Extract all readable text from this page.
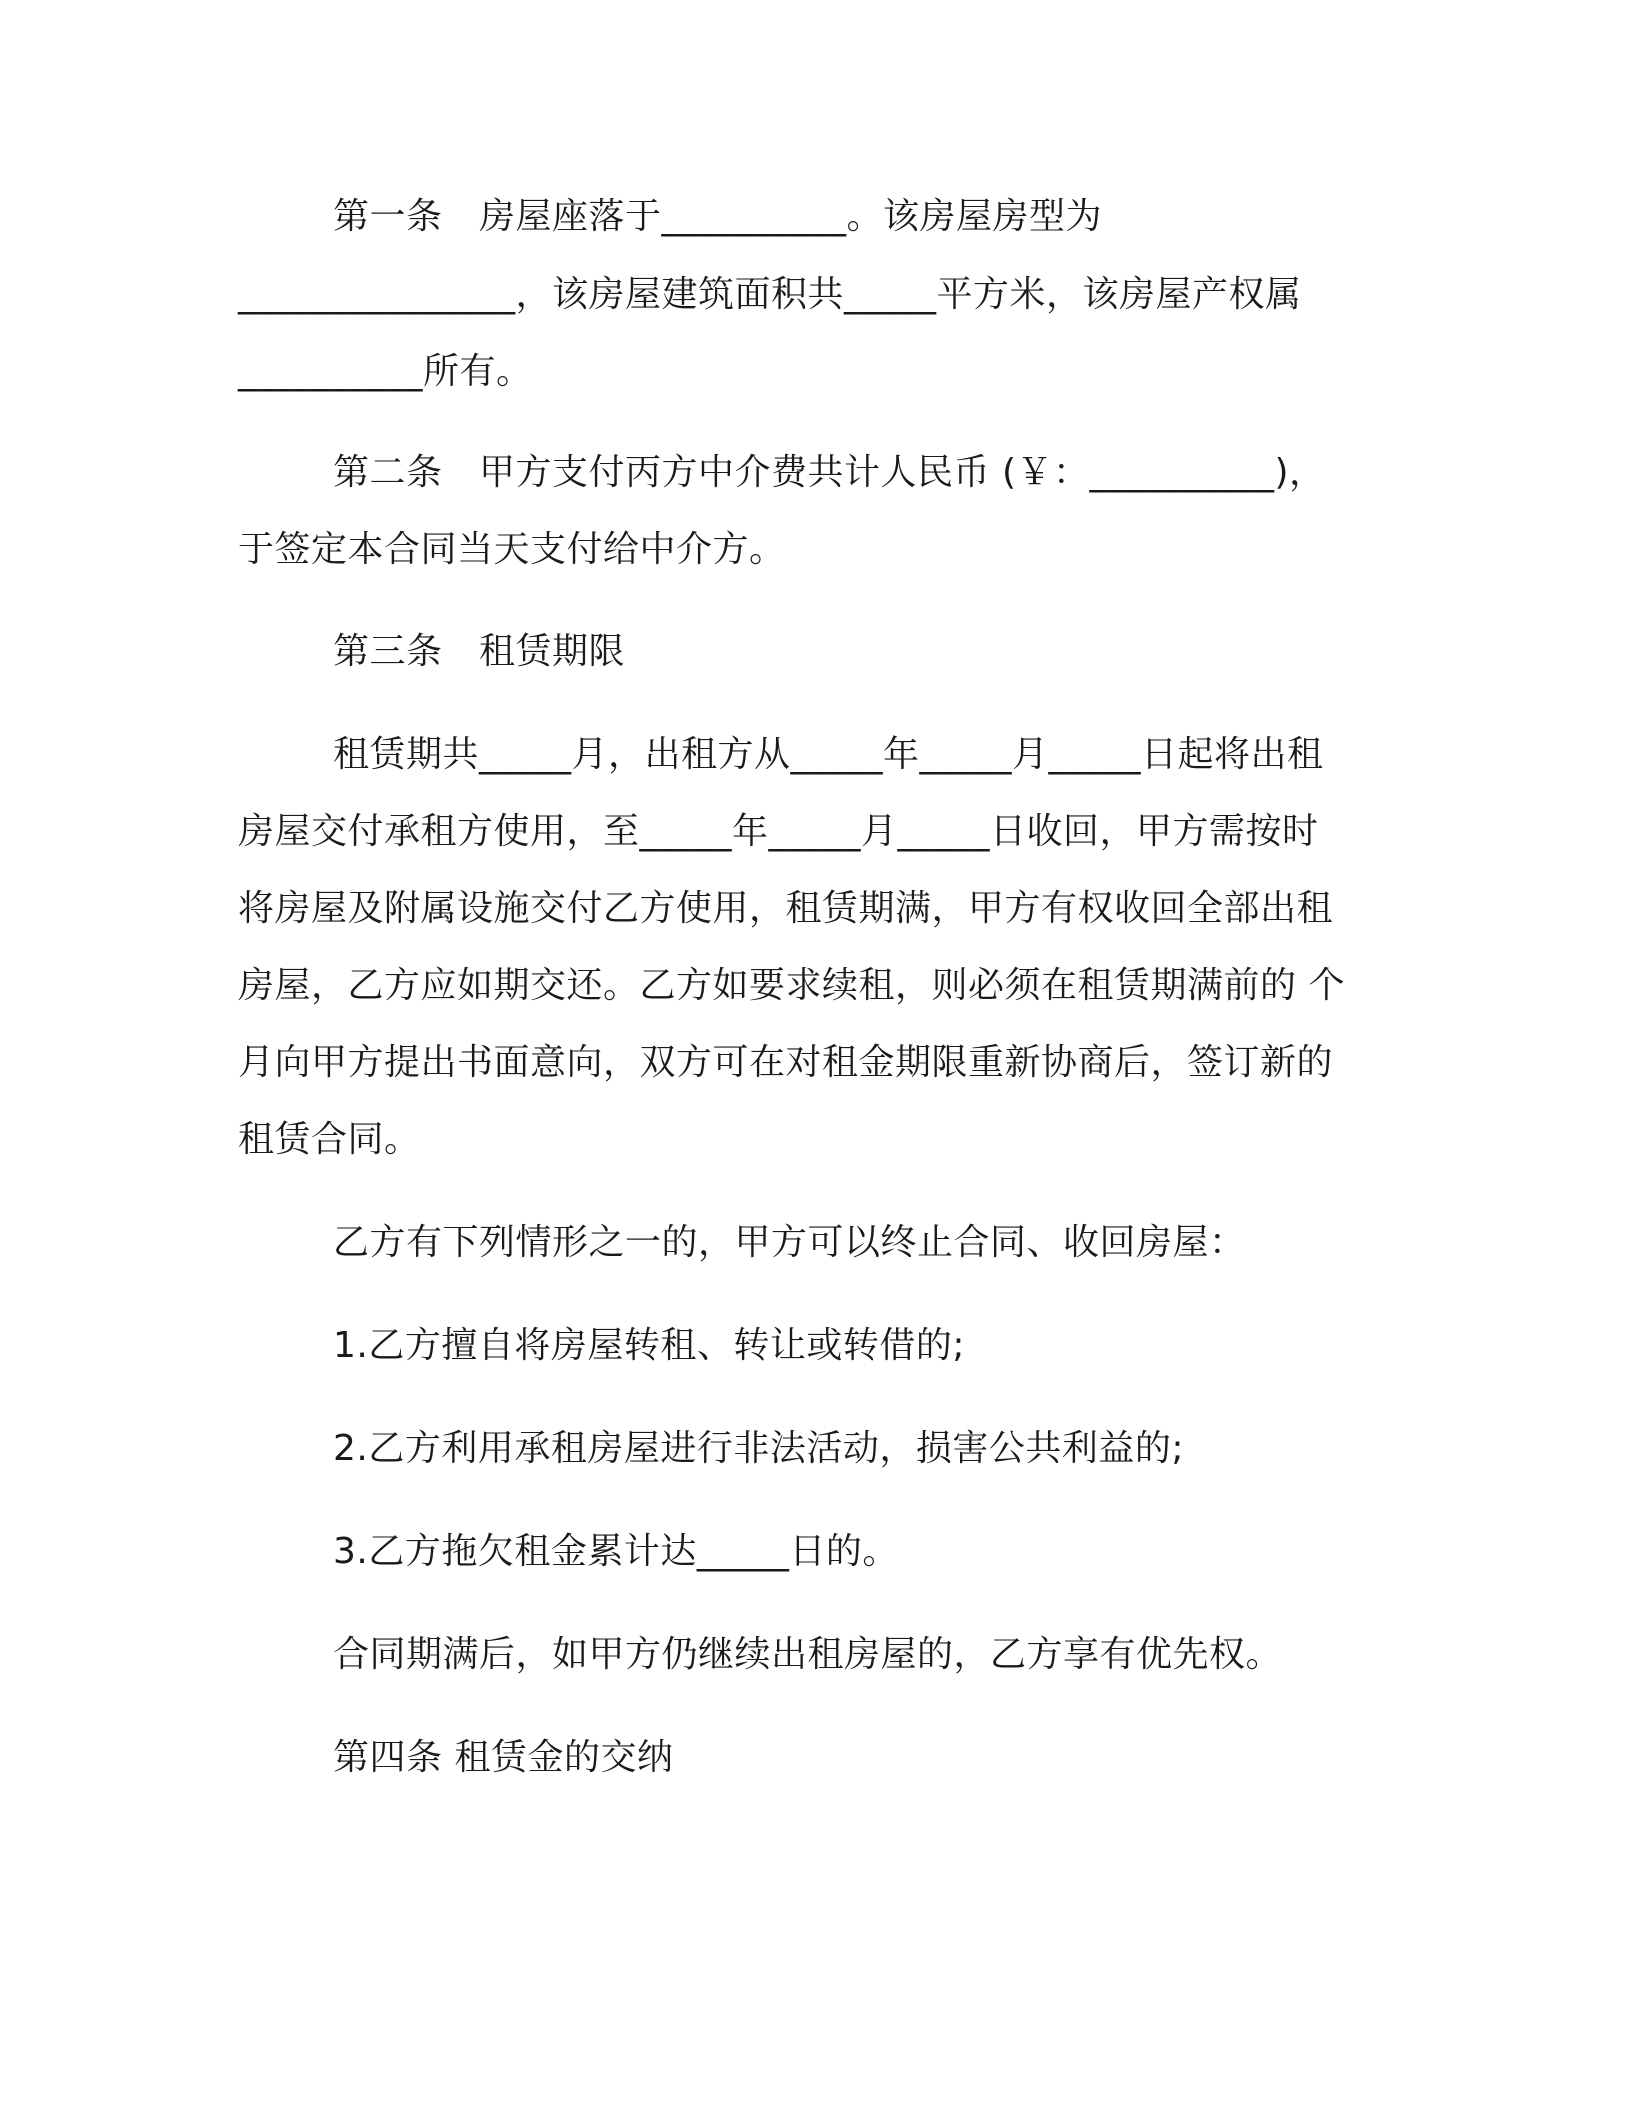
第一条　房屋座落于__________。该房屋房型为
_______________，该房屋建筑面积共_____平方米，该房屋产权属
__________所有。
第二条　甲方支付丙方中介费共计人民币 (￥：__________)，
于签定本合同当天支付给中介方。
第三条　租赁期限
租赁期共_____月，出租方从_____年_____月_____日起将出租
房屋交付承租方使用，至_____年_____月_____日收回，甲方需按时
将房屋及附属设施交付乙方使用，租赁期满，甲方有权收回全部出租
房屋，乙方应如期交还。乙方如要求续租，则必须在租赁期满前的 个
月向甲方提出书面意向，双方可在对租金期限重新协商后，签订新的
租赁合同。
乙方有下列情形之一的，甲方可以终止合同、收回房屋：
1.乙方擅自将房屋转租、转让或转借的;
2.乙方利用承租房屋进行非法活动，损害公共利益的;
3.乙方拖欠租金累计达_____日的。
合同期满后，如甲方仍继续出租房屋的，乙方享有优先权。
第四条 租赁金的交纳
